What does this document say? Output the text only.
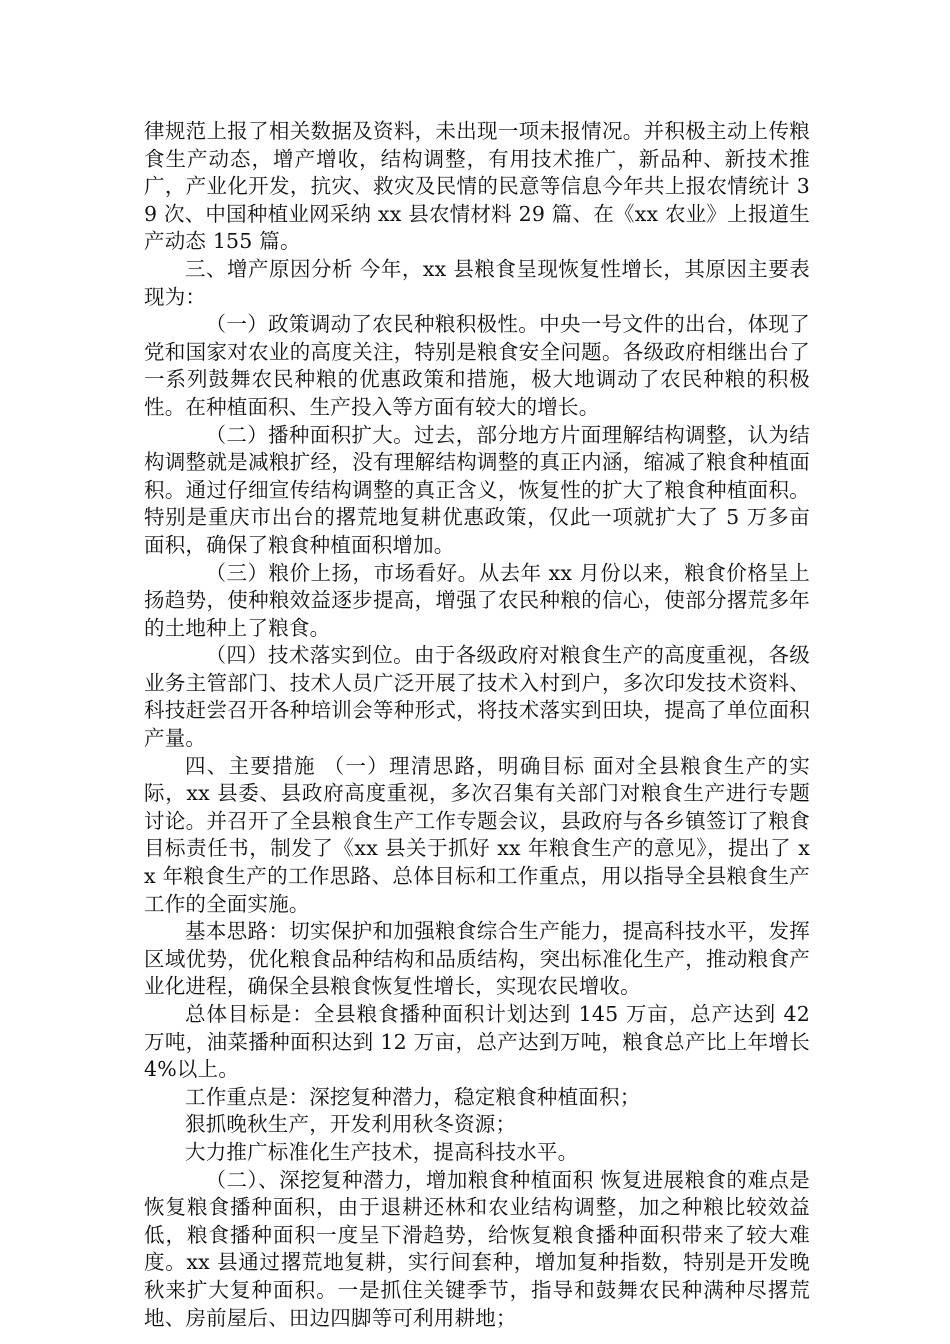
律规范上报了相关数据及资料，未出现一项未报情况。并积极主动上传粮食生产动态，增产增收，结构调整，有用技术推广，新品种、新技术推广，产业化开发，抗灾、救灾及民情的民意等信息今年共上报农情统计 39 次、中国种植业网采纳 xx 县农情材料 29 篇、在《xx 农业》上报道生产动态 155 篇。

三、增产原因分析 今年，xx 县粮食呈现恢复性增长，其原因主要表现为：

（一）政策调动了农民种粮积极性。中央一号文件的出台，体现了党和国家对农业的高度关注，特别是粮食安全问题。各级政府相继出台了一系列鼓舞农民种粮的优惠政策和措施，极大地调动了农民种粮的积极性。在种植面积、生产投入等方面有较大的增长。

（二）播种面积扩大。过去，部分地方片面理解结构调整，认为结构调整就是减粮扩经，没有理解结构调整的真正内涵，缩减了粮食种植面积。通过仔细宣传结构调整的真正含义，恢复性的扩大了粮食种植面积。特别是重庆市出台的撂荒地复耕优惠政策，仅此一项就扩大了 5 万多亩面积，确保了粮食种植面积增加。

（三）粮价上扬，市场看好。从去年 xx 月份以来，粮食价格呈上扬趋势，使种粮效益逐步提高，增强了农民种粮的信心，使部分撂荒多年的土地种上了粮食。

（四）技术落实到位。由于各级政府对粮食生产的高度重视，各级业务主管部门、技术人员广泛开展了技术入村到户，多次印发技术资料、科技赶尝召开各种培训会等种形式，将技术落实到田块，提高了单位面积产量。

四、主要措施 （一）理清思路，明确目标 面对全县粮食生产的实际，xx 县委、县政府高度重视，多次召集有关部门对粮食生产进行专题讨论。并召开了全县粮食生产工作专题会议，县政府与各乡镇签订了粮食目标责任书，制发了《xx 县关于抓好 xx 年粮食生产的意见》，提出了 xx 年粮食生产的工作思路、总体目标和工作重点，用以指导全县粮食生产工作的全面实施。

基本思路：切实保护和加强粮食综合生产能力，提高科技水平，发挥区域优势，优化粮食品种结构和品质结构，突出标准化生产，推动粮食产业化进程，确保全县粮食恢复性增长，实现农民增收。

总体目标是：全县粮食播种面积计划达到 145 万亩，总产达到 42 万吨，油菜播种面积达到 12 万亩，总产达到万吨，粮食总产比上年增长 4%以上。

工作重点是：深挖复种潜力，稳定粮食种植面积；

狠抓晚秋生产，开发利用秋冬资源；

大力推广标准化生产技术，提高科技水平。

（二）、深挖复种潜力，增加粮食种植面积 恢复进展粮食的难点是恢复粮食播种面积，由于退耕还林和农业结构调整，加之种粮比较效益低，粮食播种面积一度呈下滑趋势，给恢复粮食播种面积带来了较大难度。xx 县通过撂荒地复耕，实行间套种，增加复种指数，特别是开发晚秋来扩大复种面积。一是抓住关键季节，指导和鼓舞农民种满种尽撂荒地、房前屋后、田边四脚等可利用耕地；
